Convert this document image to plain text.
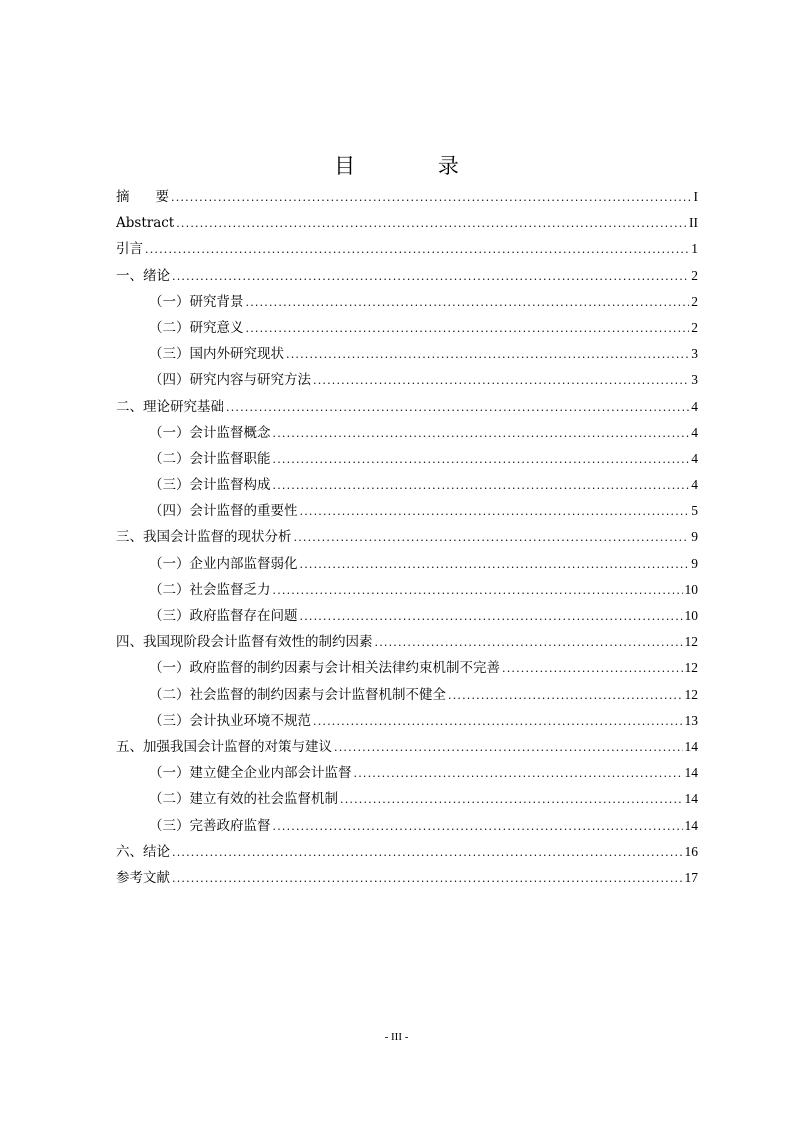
目 录
摘要 .....	I
Abstract .....	II
引言 .....	1
一、绪论 .....	2
（一）研究背景 .....	2
（二）研究意义 .....	2
（三）国内外研究现状 .....	3
（四）研究内容与研究方法 .....	3
二、理论研究基础 .....	4
（一）会计监督概念 .....	4
（二）会计监督职能 .....	4
（三）会计监督构成 .....	4
（四）会计监督的重要性 .....	5
三、我国会计监督的现状分析 .....	9
（一）企业内部监督弱化 .....	9
（二）社会监督乏力 .....	10
（三）政府监督存在问题 .....	10
四、我国现阶段会计监督有效性的制约因素 .....	12
（一）政府监督的制约因素与会计相关法律约束机制不完善 .....	12
（二）社会监督的制约因素与会计监督机制不健全 .....	12
（三）会计执业环境不规范 .....	13
五、加强我国会计监督的对策与建议 .....	14
（一）建立健全企业内部会计监督 .....	14
（二）建立有效的社会监督机制 .....	14
（三）完善政府监督 .....	14
六、结论 .....	16
参考文献 .....	17
- III -
